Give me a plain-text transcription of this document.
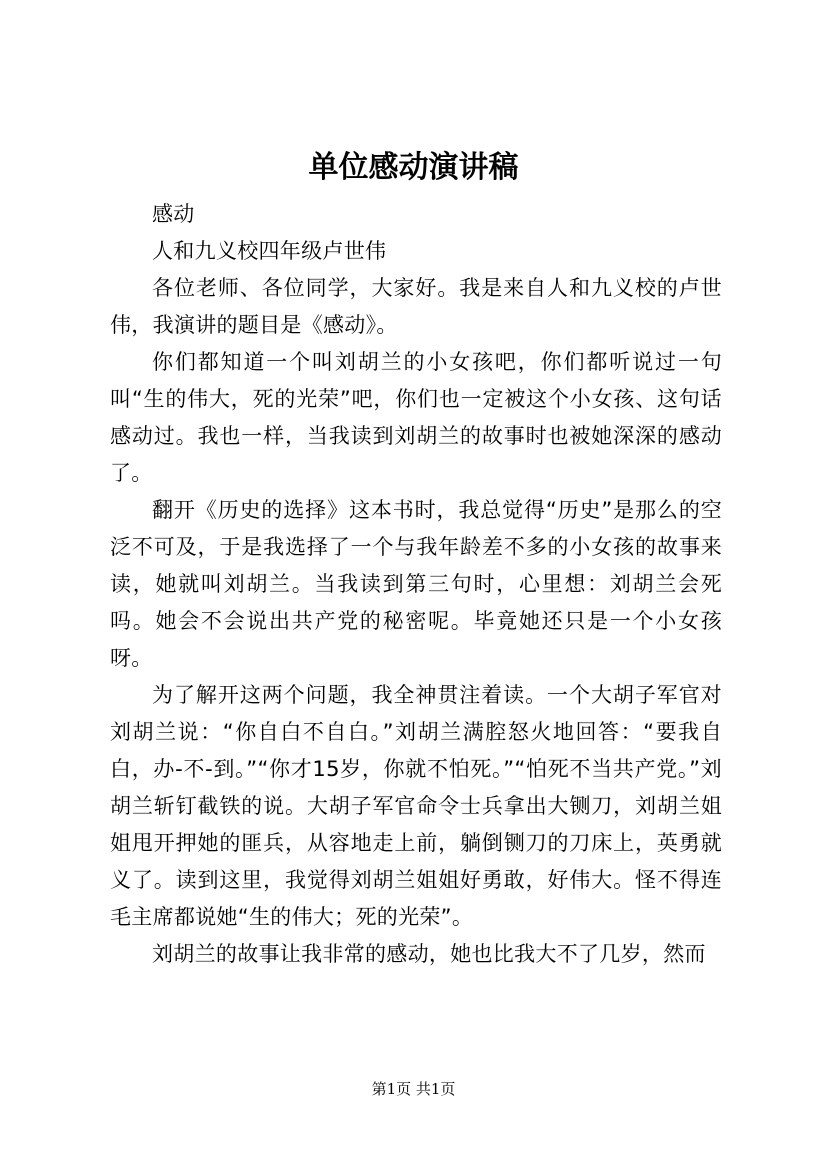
单位感动演讲稿

感动

人和九义校四年级卢世伟

各位老师、各位同学，大家好。我是来自人和九义校的卢世伟，我演讲的题目是《感动》。

你们都知道一个叫刘胡兰的小女孩吧，你们都听说过一句叫“生的伟大，死的光荣”吧，你们也一定被这个小女孩、这句话感动过。我也一样，当我读到刘胡兰的故事时也被她深深的感动了。

翻开《历史的选择》这本书时，我总觉得“历史”是那么的空泛不可及，于是我选择了一个与我年龄差不多的小女孩的故事来读，她就叫刘胡兰。当我读到第三句时，心里想：刘胡兰会死吗。她会不会说出共产党的秘密呢。毕竟她还只是一个小女孩呀。

为了解开这两个问题，我全神贯注着读。一个大胡子军官对刘胡兰说：“你自白不自白。”刘胡兰满腔怒火地回答：“要我自白，办-不-到。”“你才15岁，你就不怕死。”“怕死不当共产党。”刘胡兰斩钉截铁的说。大胡子军官命令士兵拿出大铡刀，刘胡兰姐姐甩开押她的匪兵，从容地走上前，躺倒铡刀的刀床上，英勇就义了。读到这里，我觉得刘胡兰姐姐好勇敢，好伟大。怪不得连毛主席都说她“生的伟大；死的光荣”。

刘胡兰的故事让我非常的感动，她也比我大不了几岁，然而

第1页 共1页
